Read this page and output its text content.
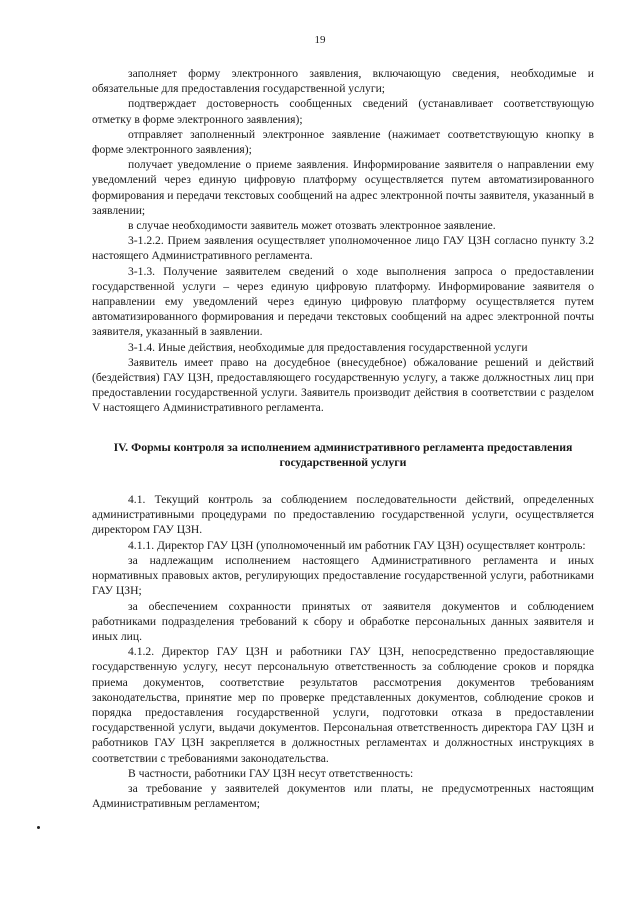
19

заполняет форму электронного заявления, включающую сведения, необходимые и обязательные для предоставления государственной услуги;

подтверждает достоверность сообщенных сведений (устанавливает соответствующую отметку в форме электронного заявления);

отправляет заполненный электронное заявление (нажимает соответствующую кнопку в форме электронного заявления);

получает уведомление о приеме заявления. Информирование заявителя о направлении ему уведомлений через единую цифровую платформу осуществляется путем автоматизированного формирования и передачи текстовых сообщений на адрес электронной почты заявителя, указанный в заявлении;

в случае необходимости заявитель может отозвать электронное заявление.

3-1.2.2. Прием заявления осуществляет уполномоченное лицо ГАУ ЦЗН согласно пункту 3.2 настоящего Административного регламента.

3-1.3. Получение заявителем сведений о ходе выполнения запроса о предоставлении государственной услуги – через единую цифровую платформу. Информирование заявителя о направлении ему уведомлений через единую цифровую платформу осуществляется путем автоматизированного формирования и передачи текстовых сообщений на адрес электронной почты заявителя, указанный в заявлении.

3-1.4. Иные действия, необходимые для предоставления государственной услуги

Заявитель имеет право на досудебное (внесудебное) обжалование решений и действий (бездействия) ГАУ ЦЗН, предоставляющего государственную услугу, а также должностных лиц при предоставлении государственной услуги. Заявитель производит действия в соответствии с разделом V настоящего Административного регламента.

IV. Формы контроля за исполнением административного регламента предоставления государственной услуги

4.1. Текущий контроль за соблюдением последовательности действий, определенных административными процедурами по предоставлению государственной услуги, осуществляется директором ГАУ ЦЗН.

4.1.1. Директор ГАУ ЦЗН (уполномоченный им работник ГАУ ЦЗН) осуществляет контроль:

за надлежащим исполнением настоящего Административного регламента и иных нормативных правовых актов, регулирующих предоставление государственной услуги, работниками ГАУ ЦЗН;

за обеспечением сохранности принятых от заявителя документов и соблюдением работниками подразделения требований к сбору и обработке персональных данных заявителя и иных лиц.

4.1.2. Директор ГАУ ЦЗН и работники ГАУ ЦЗН, непосредственно предоставляющие государственную услугу, несут персональную ответственность за соблюдение сроков и порядка приема документов, соответствие результатов рассмотрения документов требованиям законодательства, принятие мер по проверке представленных документов, соблюдение сроков и порядка предоставления государственной услуги, подготовки отказа в предоставлении государственной услуги, выдачи документов. Персональная ответственность директора ГАУ ЦЗН и работников ГАУ ЦЗН закрепляется в должностных регламентах и должностных инструкциях в соответствии с требованиями законодательства.

В частности, работники ГАУ ЦЗН несут ответственность:

за требование у заявителей документов или платы, не предусмотренных настоящим Административным регламентом;
